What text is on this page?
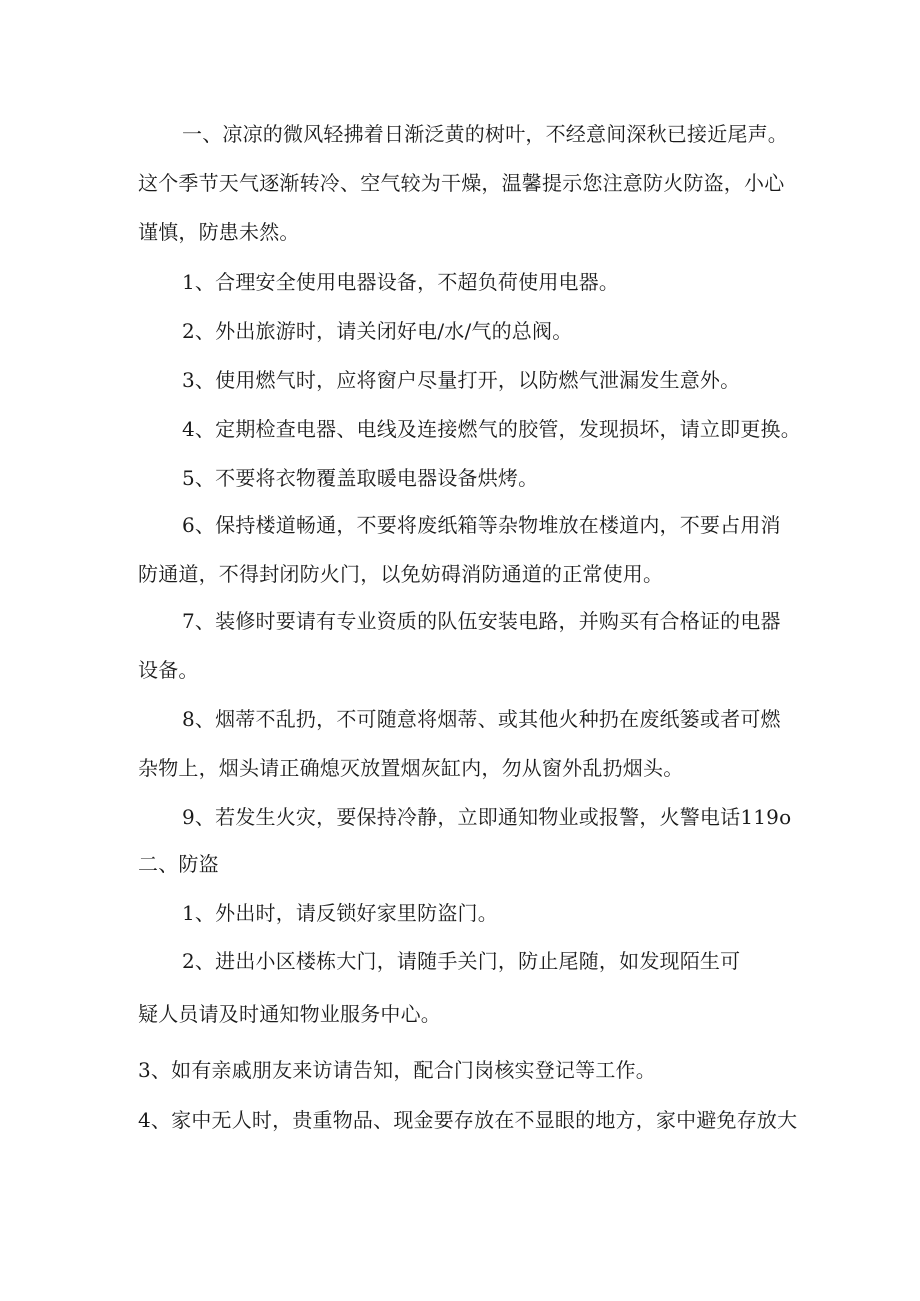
一、凉凉的微风轻拂着日渐泛黄的树叶，不经意间深秋已接近尾声。
这个季节天气逐渐转冷、空气较为干燥，温馨提示您注意防火防盗，小心
谨慎，防患未然。
1、合理安全使用电器设备，不超负荷使用电器。
2、外出旅游时，请关闭好电/水/气的总阀。
3、使用燃气时，应将窗户尽量打开，以防燃气泄漏发生意外。
4、定期检查电器、电线及连接燃气的胶管，发现损坏，请立即更换。
5、不要将衣物覆盖取暖电器设备烘烤。
6、保持楼道畅通，不要将废纸箱等杂物堆放在楼道内，不要占用消
防通道，不得封闭防火门，以免妨碍消防通道的正常使用。
7、装修时要请有专业资质的队伍安装电路，并购买有合格证的电器
设备。
8、烟蒂不乱扔，不可随意将烟蒂、或其他火种扔在废纸篓或者可燃
杂物上，烟头请正确熄灭放置烟灰缸内，勿从窗外乱扔烟头。
9、若发生火灾，要保持冷静，立即通知物业或报警，火警电话119o
二、防盗
1、外出时，请反锁好家里防盗门。
2、进出小区楼栋大门，请随手关门，防止尾随，如发现陌生可
疑人员请及时通知物业服务中心。
3、如有亲戚朋友来访请告知，配合门岗核实登记等工作。
4、家中无人时，贵重物品、现金要存放在不显眼的地方，家中避免存放大
